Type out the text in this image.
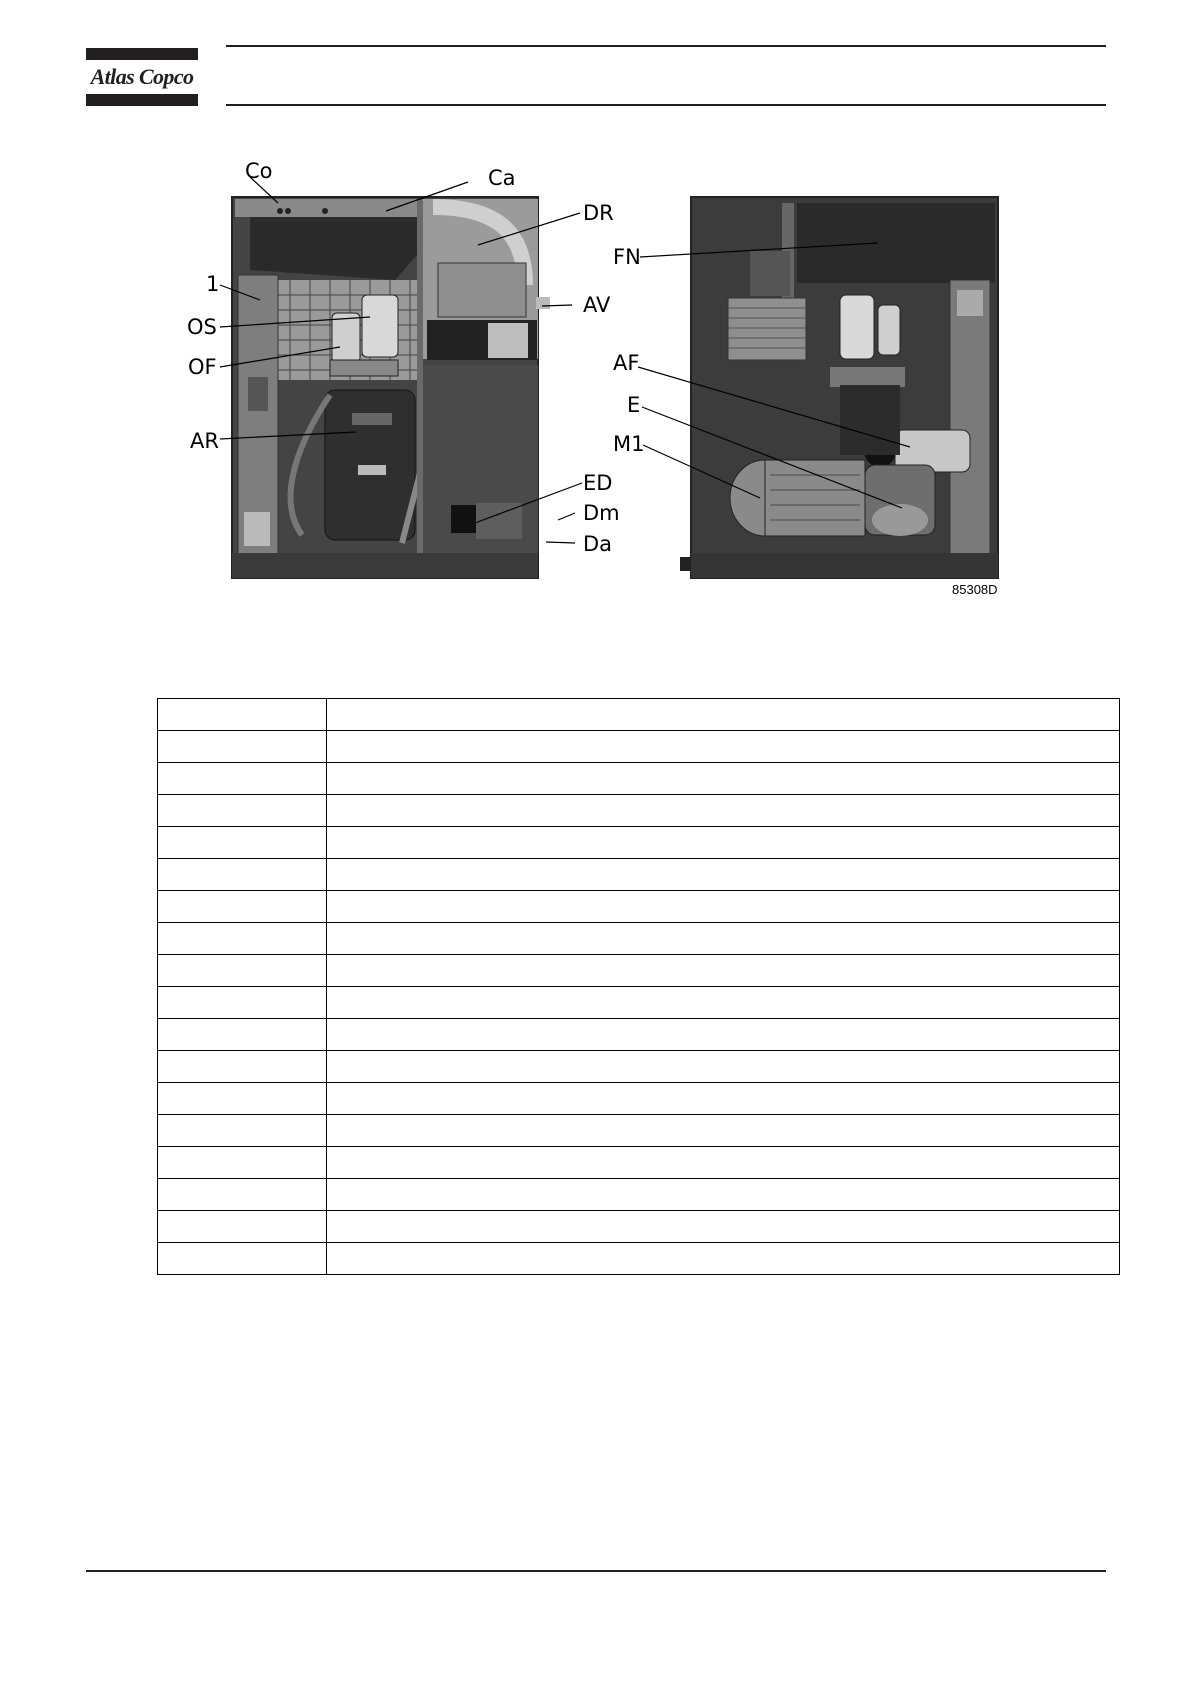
Atlas Copco
Co	Ca
DR
1
OS
OF
AV
AR
ED
Dm
Da
FN
AF
E
M1
85308D
